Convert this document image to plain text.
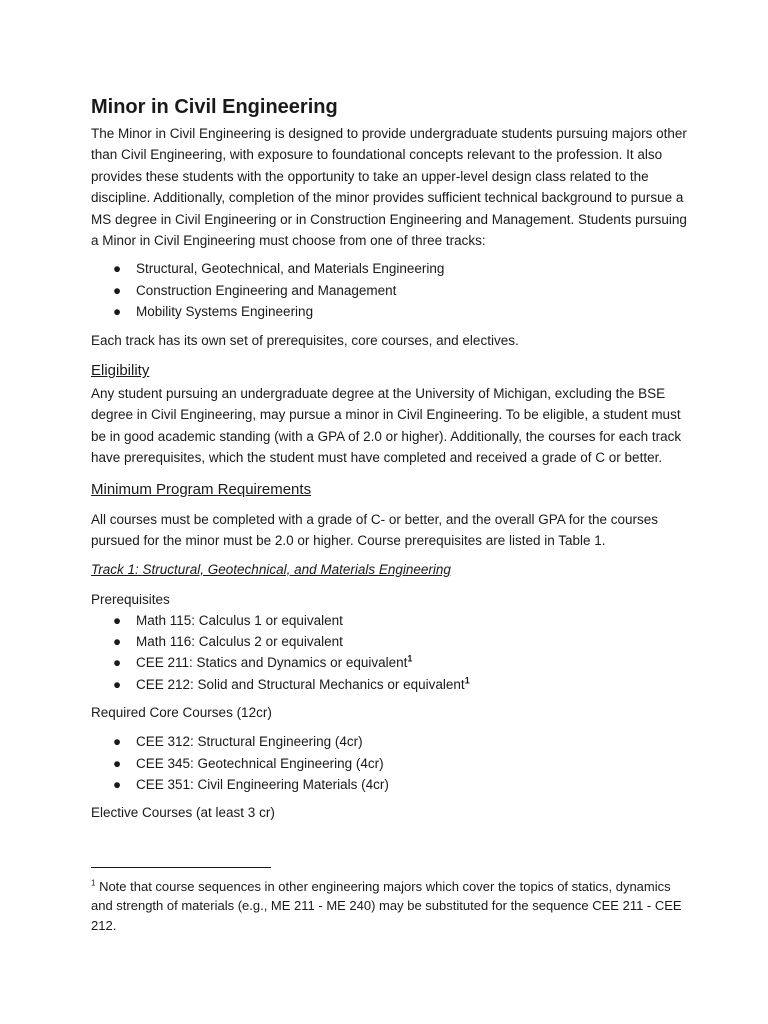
Minor in Civil Engineering

The Minor in Civil Engineering is designed to provide undergraduate students pursuing majors other than Civil Engineering, with exposure to foundational concepts relevant to the profession. It also provides these students with the opportunity to take an upper-level design class related to the discipline. Additionally, completion of the minor provides sufficient technical background to pursue a MS degree in Civil Engineering or in Construction Engineering and Management. Students pursuing a Minor in Civil Engineering must choose from one of three tracks:

● Structural, Geotechnical, and Materials Engineering
● Construction Engineering and Management
● Mobility Systems Engineering

Each track has its own set of prerequisites, core courses, and electives.

Eligibility

Any student pursuing an undergraduate degree at the University of Michigan, excluding the BSE degree in Civil Engineering, may pursue a minor in Civil Engineering. To be eligible, a student must be in good academic standing (with a GPA of 2.0 or higher). Additionally, the courses for each track have prerequisites, which the student must have completed and received a grade of C or better.

Minimum Program Requirements

All courses must be completed with a grade of C- or better, and the overall GPA for the courses pursued for the minor must be 2.0 or higher. Course prerequisites are listed in Table 1.

Track 1: Structural, Geotechnical, and Materials Engineering
Prerequisites
● Math 115: Calculus 1 or equivalent
● Math 116: Calculus 2 or equivalent
● CEE 211: Statics and Dynamics or equivalent$^1$
● CEE 212: Solid and Structural Mechanics or equivalent$^1$
Required Core Courses (12cr)
● CEE 312: Structural Engineering (4cr)
● CEE 345: Geotechnical Engineering (4cr)
● CEE 351: Civil Engineering Materials (4cr)
Elective Courses (at least 3 cr)
$^1$ Note that course sequences in other engineering majors which cover the topics of statics, dynamics and strength of materials (e.g., ME 211 - ME 240) may be substituted for the sequence CEE 211 - CEE 212.
